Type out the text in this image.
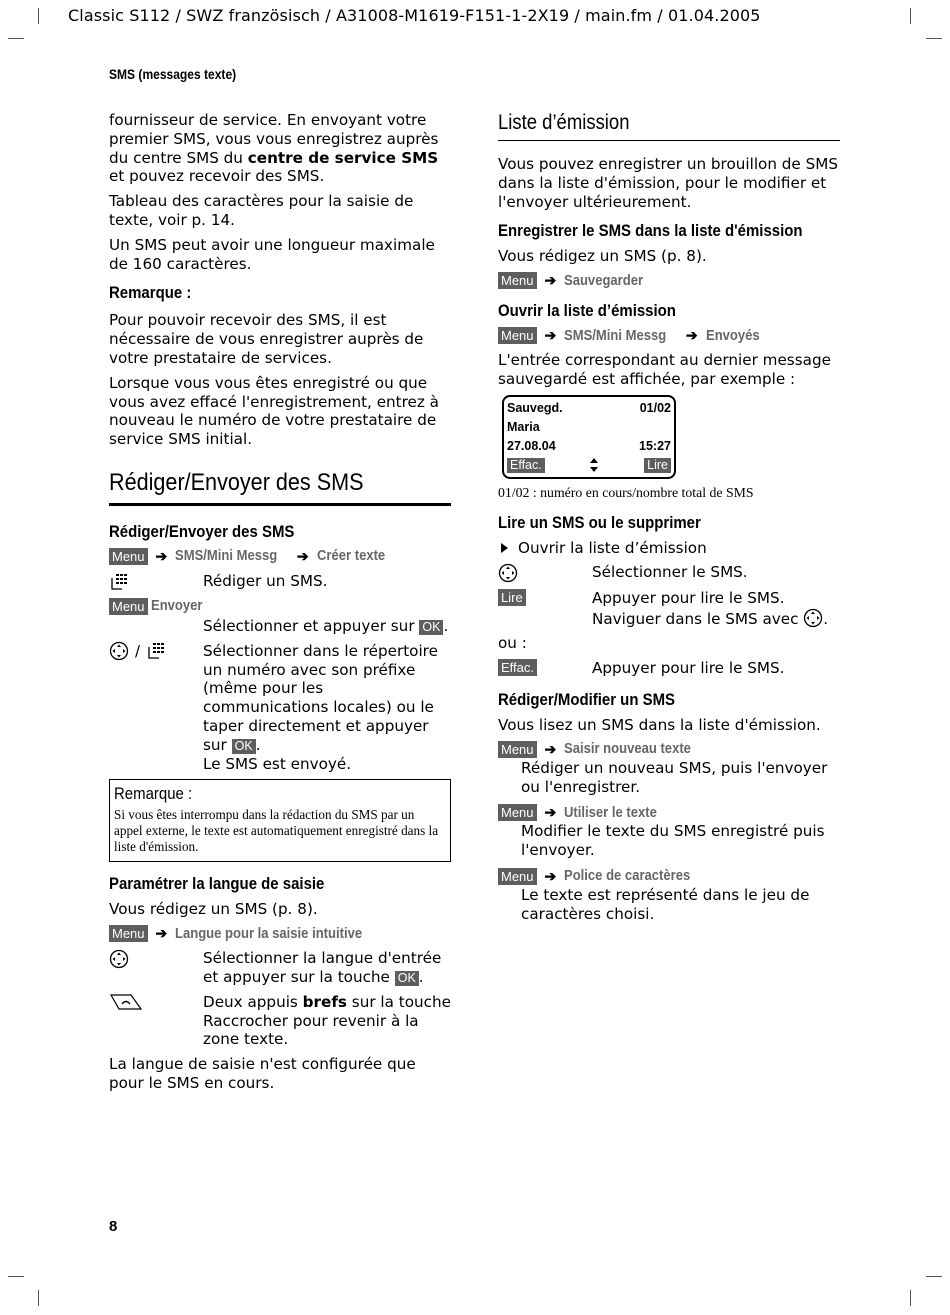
Classic S112 / SWZ französisch / A31008-M1619-F151-1-2X19 / main.fm / 01.04.2005
SMS (messages texte)

fournisseur de service. En envoyant votre premier SMS, vous vous enregistrez auprès du centre SMS du centre de service SMS et pouvez recevoir des SMS.

Tableau des caractères pour la saisie de texte, voir p. 14.

Un SMS peut avoir une longueur maximale de 160 caractères.

Remarque :

Pour pouvoir recevoir des SMS, il est nécessaire de vous enregistrer auprès de votre prestataire de services.

Lorsque vous vous êtes enregistré ou que vous avez effacé l'enregistrement, entrez à nouveau le numéro de votre prestataire de service SMS initial.

Rédiger/Envoyer des SMS
Rédiger/Envoyer des SMS
Menu ➔ SMS/Mini Messg ➔ Créer texte
Rédiger un SMS.
Menu Envoyer
Sélectionner et appuyer sur OK .
/	Sélectionner dans le répertoire un numéro avec son préfixe (même pour les communications locales) ou le taper directement et appuyer sur OK .
Le SMS est envoyé.
Remarque :
Si vous êtes interrompu dans la rédaction du SMS par un appel externe, le texte est automatiquement enregistré dans la liste d'émission.
Paramétrer la langue de saisie

Vous rédigez un SMS (p. 8).

Menu ➔ Langue pour la saisie intuitive
Sélectionner la langue d'entrée et appuyer sur la touche OK .
Deux appuis brefs sur la touche Raccrocher pour revenir à la zone texte.

La langue de saisie n'est configurée que pour le SMS en cours.

Liste d’émission

Vous pouvez enregistrer un brouillon de SMS dans la liste d'émission, pour le modifier et l'envoyer ultérieurement.

Enregistrer le SMS dans la liste d'émission

Vous rédigez un SMS (p. 8).

Menu ➔ Sauvegarder
Ouvrir la liste d’émission
Menu ➔ SMS/Mini Messg ➔ Envoyés

L'entrée correspondant au dernier message sauvegardé est affichée, par exemple :

Sauvegd.	01/02
Maria
27.08.04	15:27
Effac.	Lire
01/02 : numéro en cours/nombre total de SMS
Lire un SMS ou le supprimer
Ouvrir la liste d’émission
Sélectionner le SMS.
Lire	Appuyer pour lire le SMS.
Naviguer dans le SMS avec .

ou :

Effac.	Appuyer pour lire le SMS.
Rédiger/Modifier un SMS

Vous lisez un SMS dans la liste d'émission.

Menu ➔ Saisir nouveau texte
Rédiger un nouveau SMS, puis l'envoyer ou l'enregistrer.
Menu ➔ Utiliser le texte
Modifier le texte du SMS enregistré puis l'envoyer.
Menu ➔ Police de caractères
Le texte est représenté dans le jeu de caractères choisi.
8
